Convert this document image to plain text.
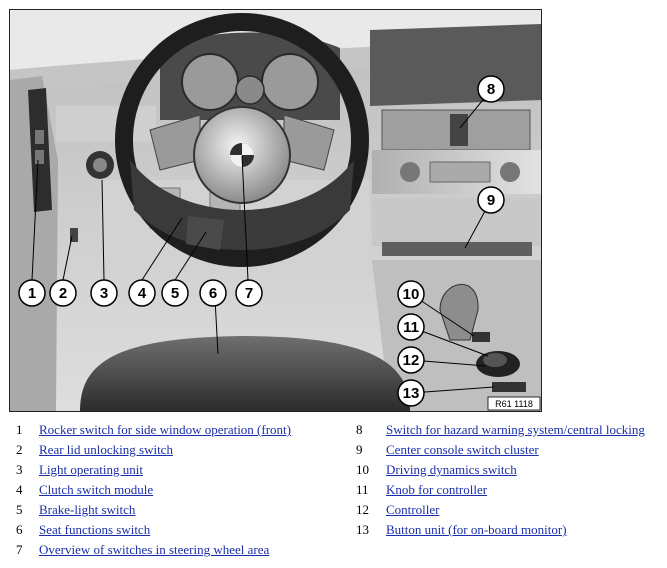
1 2 3 4 5 6 7
8
9
10
11
12
13
R61 1118
1 Rocker switch for side window operation (front)
2 Rear lid unlocking switch
3 Light operating unit
4 Clutch switch module
5 Brake-light switch
6 Seat functions switch
7 Overview of switches in steering wheel area
8 Switch for hazard warning system/central locking
9 Center console switch cluster
10 Driving dynamics switch
11 Knob for controller
12 Controller
13 Button unit (for on-board monitor)
